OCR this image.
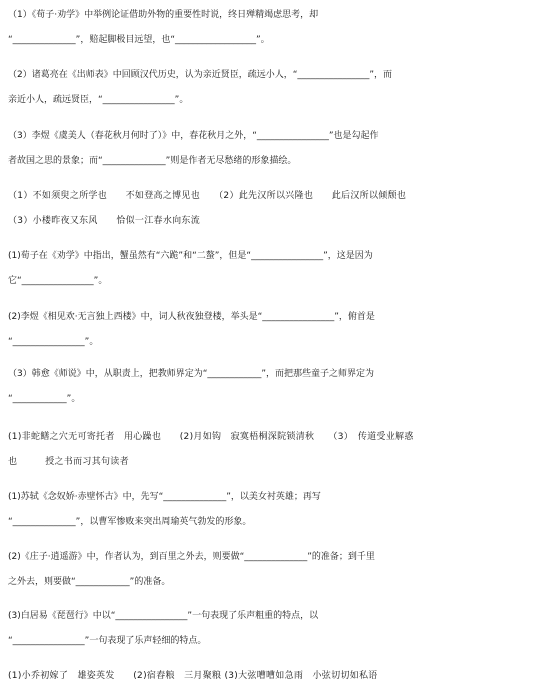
（1）《荀子·劝学》中举例论证借助外物的重要性时说，终日殚精竭虑思考，却
“______________”，赔起脚极目远望，也“__________________”。
（2）诸葛亮在《出师表》中回顾汉代历史，认为亲近贤臣，疏远小人，“________________”，而
亲近小人，疏远贤臣，“________________”。
（3）李煜《虞美人（春花秋月何时了）》中，春花秋月之外，“________________”也是勾起作
者故国之思的景象；而“______________”则是作者无尽愁绪的形象描绘。
（1）不如须臾之所学也　　不如登高之博见也　　（2）此先汉所以兴隆也　　此后汉所以倾颓也
（3）小楼昨夜又东风　　恰似一江春水向东流
(1)荀子在《劝学》中指出，蟹虽然有“六跪”和“二螯”，但是“________________”，这是因为
它“________________”。
(2)李煜《相见欢·无言独上西楼》中，词人秋夜独登楼，举头是“________________”，俯首是
“________________”。
（3）韩愈《师说》中，从职责上，把教师界定为“____________”，而把那些童子之师界定为
“____________”。
(1)非蛇鳝之穴无可寄托者　用心躁也　　(2)月如钩　寂寞梧桐深院锁清秋　　（3）　传道受业解惑
也　　　授之书而习其句读者
(1)苏轼《念奴娇·赤壁怀古》中，先写“______________”，以美女衬英雄；再写
“______________”，以曹军惨败来突出周瑜英气勃发的形象。
(2)《庄子·逍遥游》中，作者认为，到百里之外去，则要做“______________”的准备；到千里
之外去，则要做“____________”的准备。
(3)白居易《琵琶行》中以“________________”一句表现了乐声粗重的特点，以
“________________”一句表现了乐声轻细的特点。
(1)小乔初嫁了　雄姿英发　　(2)宿舂粮　三月聚粮 (3)大弦嘈嘈如急雨　小弦切切如私语
